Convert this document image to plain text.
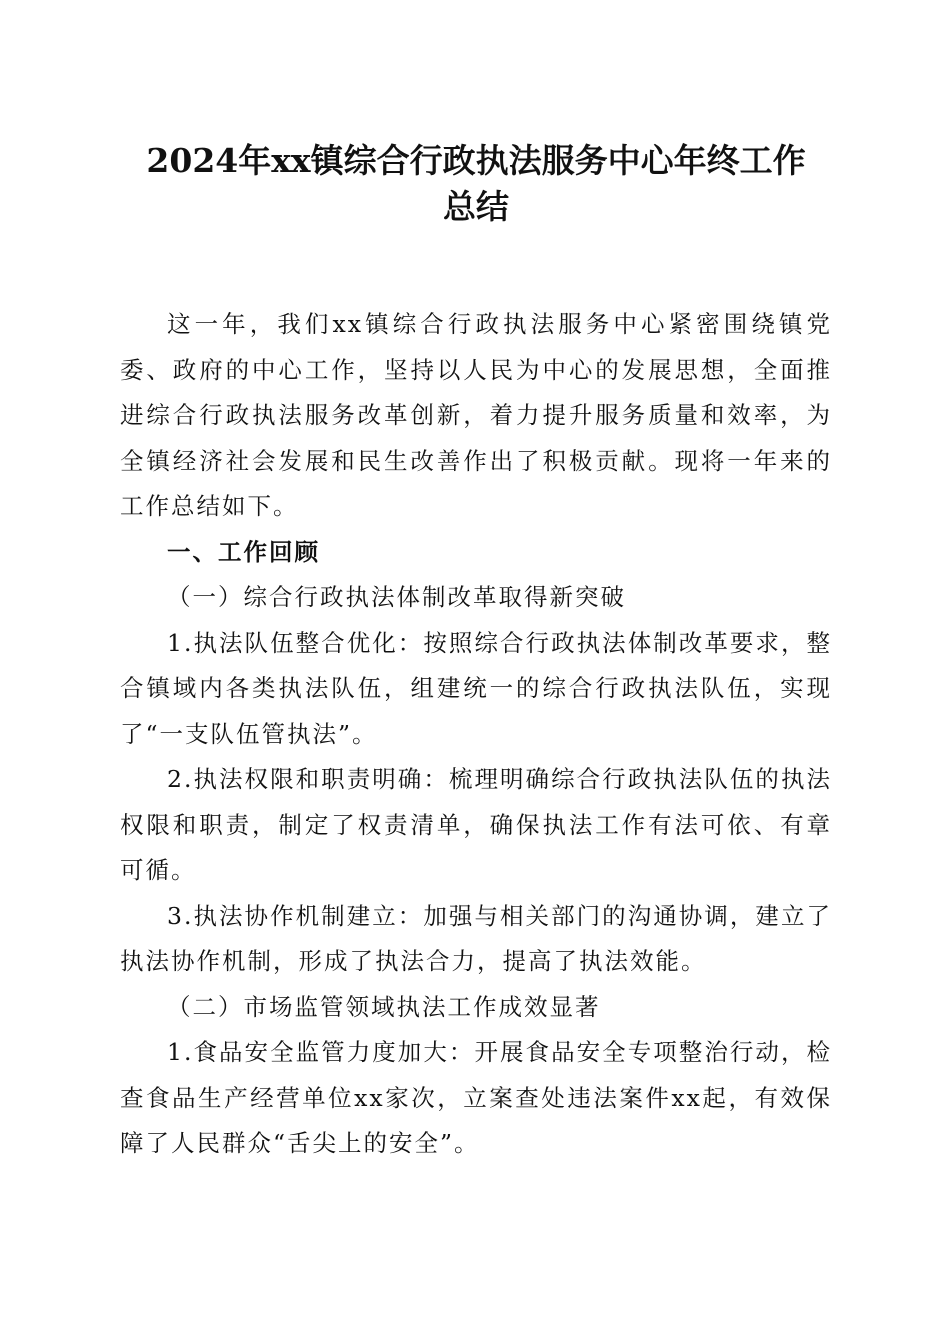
2024年xx镇综合行政执法服务中心年终工作
总结

这一年，我们xx镇综合行政执法服务中心紧密围绕镇党委、政府的中心工作，坚持以人民为中心的发展思想，全面推进综合行政执法服务改革创新，着力提升服务质量和效率，为全镇经济社会发展和民生改善作出了积极贡献。现将一年来的工作总结如下。

一、工作回顾

（一）综合行政执法体制改革取得新突破

1.执法队伍整合优化：按照综合行政执法体制改革要求，整合镇域内各类执法队伍，组建统一的综合行政执法队伍，实现了“一支队伍管执法”。

2.执法权限和职责明确：梳理明确综合行政执法队伍的执法权限和职责，制定了权责清单，确保执法工作有法可依、有章可循。

3.执法协作机制建立：加强与相关部门的沟通协调，建立了执法协作机制，形成了执法合力，提高了执法效能。

（二）市场监管领域执法工作成效显著

1.食品安全监管力度加大：开展食品安全专项整治行动，检查食品生产经营单位xx家次，立案查处违法案件xx起，有效保障了人民群众“舌尖上的安全”。
